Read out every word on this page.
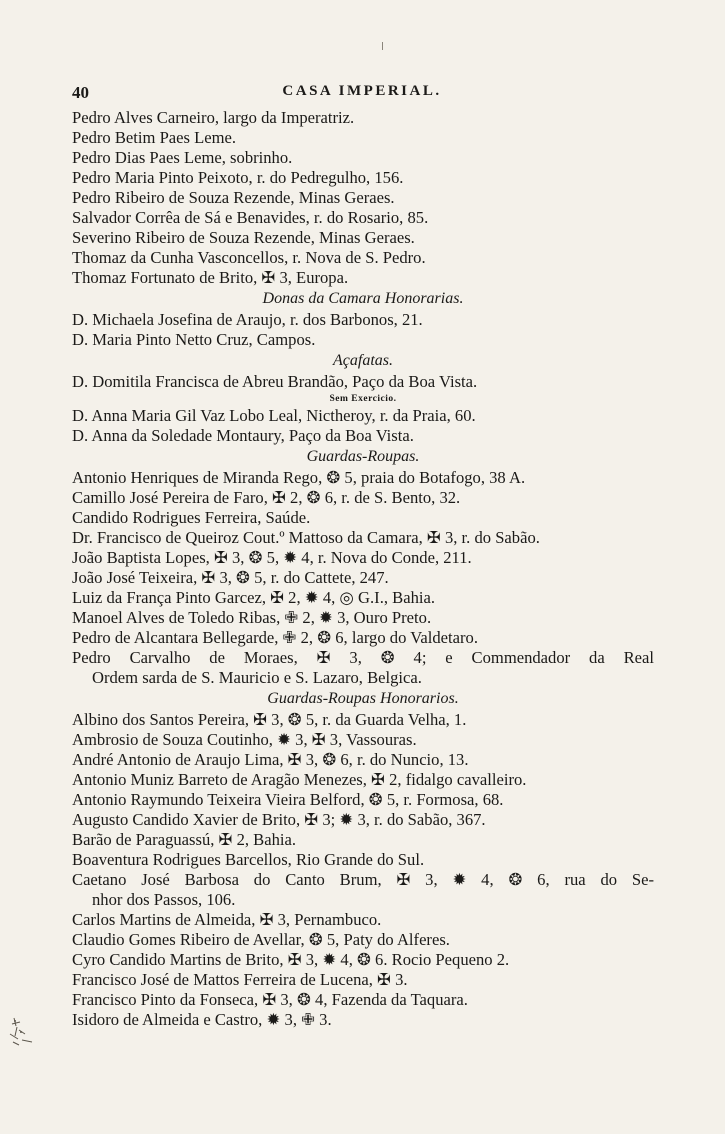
40	CASA IMPERIAL.
Pedro Alves Carneiro, largo da Imperatriz.
Pedro Betim Paes Leme.
Pedro Dias Paes Leme, sobrinho.
Pedro Maria Pinto Peixoto, r. do Pedregulho, 156.
Pedro Ribeiro de Souza Rezende, Minas Geraes.
Salvador Corrêa de Sá e Benavides, r. do Rosario, 85.
Severino Ribeiro de Souza Rezende, Minas Geraes.
Thomaz da Cunha Vasconcellos, r. Nova de S. Pedro.
Thomaz Fortunato de Brito, ✠ 3, Europa.
Donas da Camara Honorarias.
D. Michaela Josefina de Araujo, r. dos Barbonos, 21.
D. Maria Pinto Netto Cruz, Campos.
Açafatas.
D. Domitila Francisca de Abreu Brandão, Paço da Boa Vista.
Sem Exercicio.
D. Anna Maria Gil Vaz Lobo Leal, Nictheroy, r. da Praia, 60.
D. Anna da Soledade Montaury, Paço da Boa Vista.
Guardas-Roupas.
Antonio Henriques de Miranda Rego, ❂ 5, praia do Botafogo, 38 A.
Camillo José Pereira de Faro, ✠ 2, ❂ 6, r. de S. Bento, 32.
Candido Rodrigues Ferreira, Saúde.
Dr. Francisco de Queiroz Cout.º Mattoso da Camara, ✠ 3, r. do Sabão.
João Baptista Lopes, ✠ 3, ❂ 5, ✹ 4, r. Nova do Conde, 211.
João José Teixeira, ✠ 3, ❂ 5, r. do Cattete, 247.
Luiz da França Pinto Garcez, ✠ 2, ✹ 4, ◎ G.I., Bahia.
Manoel Alves de Toledo Ribas, ✙ 2, ✹ 3, Ouro Preto.
Pedro de Alcantara Bellegarde, ✙ 2, ❂ 6, largo do Valdetaro.
Pedro Carvalho de Moraes, ✠ 3, ❂ 4; e Commendador da Real
Ordem sarda de S. Mauricio e S. Lazaro, Belgica.
Guardas-Roupas Honorarios.
Albino dos Santos Pereira, ✠ 3, ❂ 5, r. da Guarda Velha, 1.
Ambrosio de Souza Coutinho, ✹ 3, ✠ 3, Vassouras.
André Antonio de Araujo Lima, ✠ 3, ❂ 6, r. do Nuncio, 13.
Antonio Muniz Barreto de Aragão Menezes, ✠ 2, fidalgo cavalleiro.
Antonio Raymundo Teixeira Vieira Belford, ❂ 5, r. Formosa, 68.
Augusto Candido Xavier de Brito, ✠ 3; ✹ 3, r. do Sabão, 367.
Barão de Paraguassú, ✠ 2, Bahia.
Boaventura Rodrigues Barcellos, Rio Grande do Sul.
Caetano José Barbosa do Canto Brum, ✠ 3, ✹ 4, ❂ 6, rua do Se-
nhor dos Passos, 106.
Carlos Martins de Almeida, ✠ 3, Pernambuco.
Claudio Gomes Ribeiro de Avellar, ❂ 5, Paty do Alferes.
Cyro Candido Martins de Brito, ✠ 3, ✹ 4, ❂ 6. Rocio Pequeno 2.
Francisco José de Mattos Ferreira de Lucena, ✠ 3.
Francisco Pinto da Fonseca, ✠ 3, ❂ 4, Fazenda da Taquara.
Isidoro de Almeida e Castro, ✹ 3, ✙ 3.
